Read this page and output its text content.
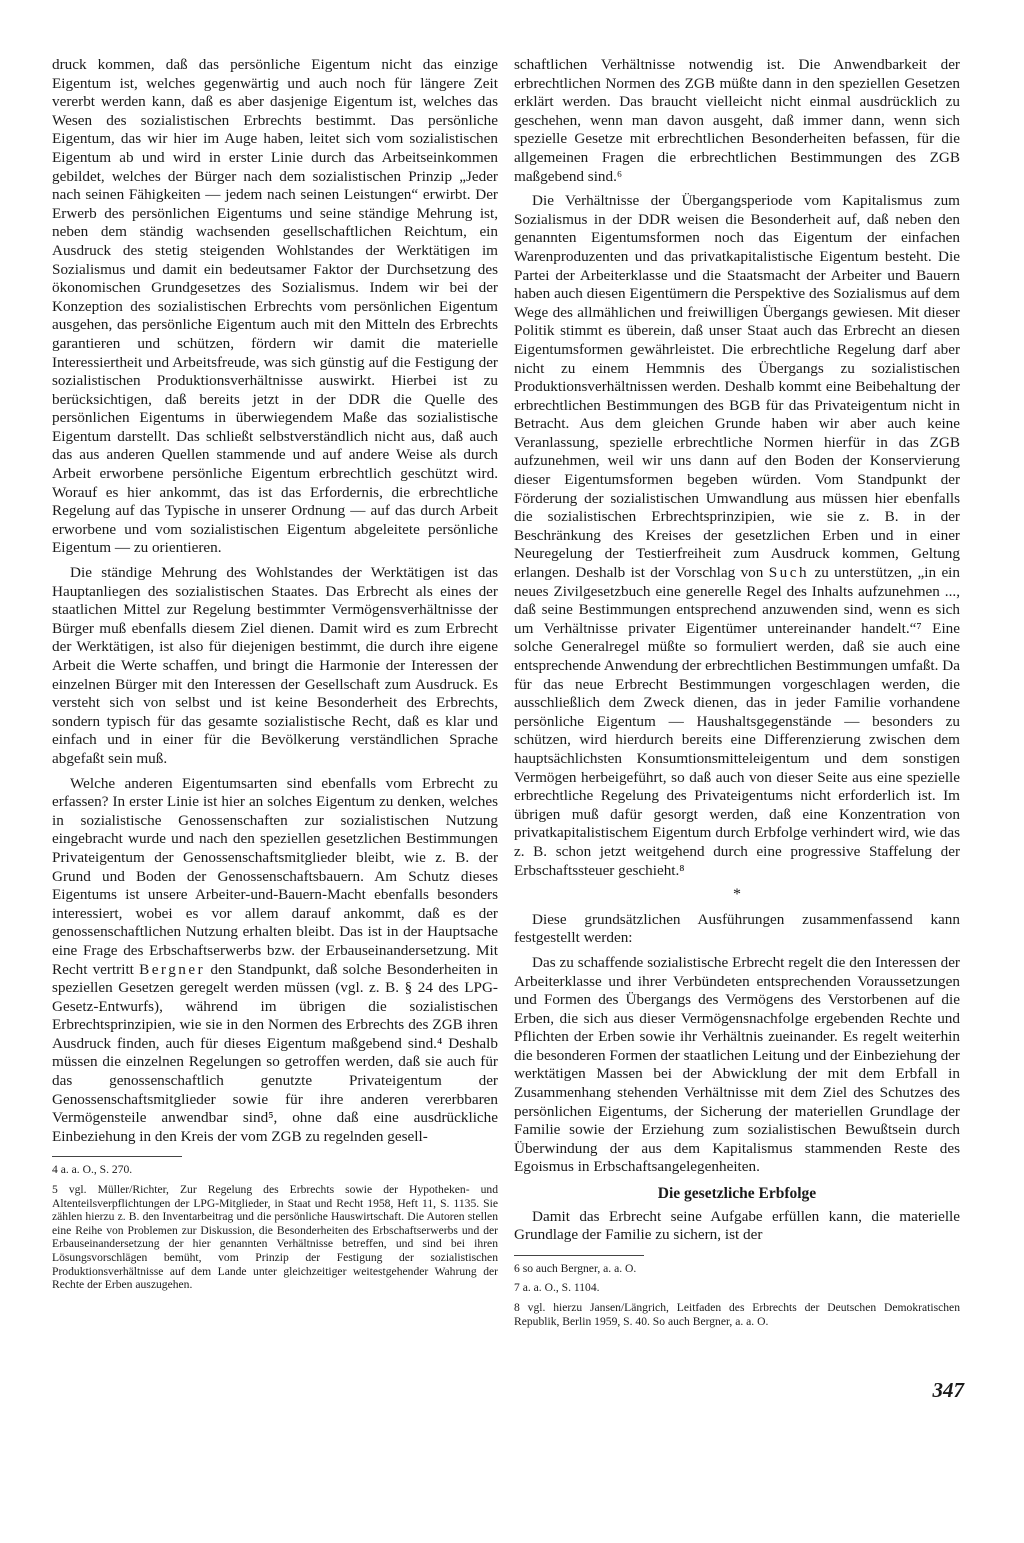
druck kommen, daß das persönliche Eigentum nicht das einzige Eigentum ist, welches gegenwärtig und auch noch für längere Zeit vererbt werden kann, daß es aber dasjenige Eigentum ist, welches das Wesen des sozialistischen Erbrechts bestimmt. Das persönliche Eigentum, das wir hier im Auge haben, leitet sich vom sozialistischen Eigentum ab und wird in erster Linie durch das Arbeitseinkommen gebildet, welches der Bürger nach dem sozialistischen Prinzip „Jeder nach seinen Fähigkeiten — jedem nach seinen Leistungen“ erwirbt. Der Erwerb des persönlichen Eigentums und seine ständige Mehrung ist, neben dem ständig wachsenden gesellschaftlichen Reichtum, ein Ausdruck des stetig steigenden Wohlstandes der Werktätigen im Sozialismus und damit ein bedeutsamer Faktor der Durchsetzung des ökonomischen Grundgesetzes des Sozialismus. Indem wir bei der Konzeption des sozialistischen Erbrechts vom persönlichen Eigentum ausgehen, das persönliche Eigentum auch mit den Mitteln des Erbrechts garantieren und schützen, fördern wir damit die materielle Interessiertheit und Arbeitsfreude, was sich günstig auf die Festigung der sozialistischen Produktionsverhältnisse auswirkt. Hierbei ist zu berücksichtigen, daß bereits jetzt in der DDR die Quelle des persönlichen Eigentums in überwiegendem Maße das sozialistische Eigentum darstellt. Das schließt selbstverständlich nicht aus, daß auch das aus anderen Quellen stammende und auf andere Weise als durch Arbeit erworbene persönliche Eigentum erbrechtlich geschützt wird. Worauf es hier ankommt, das ist das Erfordernis, die erbrechtliche Regelung auf das Typische in unserer Ordnung — auf das durch Arbeit erworbene und vom sozialistischen Eigentum abgeleitete persönliche Eigentum — zu orientieren.

Die ständige Mehrung des Wohlstandes der Werktätigen ist das Hauptanliegen des sozialistischen Staates. Das Erbrecht als eines der staatlichen Mittel zur Regelung bestimmter Vermögensverhältnisse der Bürger muß ebenfalls diesem Ziel dienen. Damit wird es zum Erbrecht der Werktätigen, ist also für diejenigen bestimmt, die durch ihre eigene Arbeit die Werte schaffen, und bringt die Harmonie der Interessen der einzelnen Bürger mit den Interessen der Gesellschaft zum Ausdruck. Es versteht sich von selbst und ist keine Besonderheit des Erbrechts, sondern typisch für das gesamte sozialistische Recht, daß es klar und einfach und in einer für die Bevölkerung verständlichen Sprache abgefaßt sein muß.

Welche anderen Eigentumsarten sind ebenfalls vom Erbrecht zu erfassen? In erster Linie ist hier an solches Eigentum zu denken, welches in sozialistische Genossenschaften zur sozialistischen Nutzung eingebracht wurde und nach den speziellen gesetzlichen Bestimmungen Privateigentum der Genossenschaftsmitglieder bleibt, wie z. B. der Grund und Boden der Genossenschaftsbauern. Am Schutz dieses Eigentums ist unsere Arbeiter-und-Bauern-Macht ebenfalls besonders interessiert, wobei es vor allem darauf ankommt, daß es der genossenschaftlichen Nutzung erhalten bleibt. Das ist in der Hauptsache eine Frage des Erbschaftserwerbs bzw. der Erbauseinandersetzung. Mit Recht vertritt Bergner den Standpunkt, daß solche Besonderheiten in speziellen Gesetzen geregelt werden müssen (vgl. z. B. § 24 des LPG-Gesetz-Entwurfs), während im übrigen die sozialistischen Erbrechtsprinzipien, wie sie in den Normen des Erbrechts des ZGB ihren Ausdruck finden, auch für dieses Eigentum maßgebend sind.⁴ Deshalb müssen die einzelnen Regelungen so getroffen werden, daß sie auch für das genossenschaftlich genutzte Privateigentum der Genossenschaftsmitglieder sowie für ihre anderen vererbbaren Vermögensteile anwendbar sind⁵, ohne daß eine ausdrückliche Einbeziehung in den Kreis der vom ZGB zu regelnden gesell-

4 a. a. O., S. 270.

5 vgl. Müller/Richter, Zur Regelung des Erbrechts sowie der Hypotheken- und Altenteilsverpflichtungen der LPG-Mitglieder, in Staat und Recht 1958, Heft 11, S. 1135. Sie zählen hierzu z. B. den Inventarbeitrag und die persönliche Hauswirtschaft. Die Autoren stellen eine Reihe von Problemen zur Diskussion, die Besonderheiten des Erbschaftserwerbs und der Erbauseinandersetzung der hier genannten Verhältnisse betreffen, und sind bei ihren Lösungsvorschlägen bemüht, vom Prinzip der Festigung der sozialistischen Produktionsverhältnisse auf dem Lande unter gleichzeitiger weitestgehender Wahrung der Rechte der Erben auszugehen.

schaftlichen Verhältnisse notwendig ist. Die Anwendbarkeit der erbrechtlichen Normen des ZGB müßte dann in den speziellen Gesetzen erklärt werden. Das braucht vielleicht nicht einmal ausdrücklich zu geschehen, wenn man davon ausgeht, daß immer dann, wenn sich spezielle Gesetze mit erbrechtlichen Besonderheiten befassen, für die allgemeinen Fragen die erbrechtlichen Bestimmungen des ZGB maßgebend sind.⁶

Die Verhältnisse der Übergangsperiode vom Kapitalismus zum Sozialismus in der DDR weisen die Besonderheit auf, daß neben den genannten Eigentumsformen noch das Eigentum der einfachen Warenproduzenten und das privatkapitalistische Eigentum besteht. Die Partei der Arbeiterklasse und die Staatsmacht der Arbeiter und Bauern haben auch diesen Eigentümern die Perspektive des Sozialismus auf dem Wege des allmählichen und freiwilligen Übergangs gewiesen. Mit dieser Politik stimmt es überein, daß unser Staat auch das Erbrecht an diesen Eigentumsformen gewährleistet. Die erbrechtliche Regelung darf aber nicht zu einem Hemmnis des Übergangs zu sozialistischen Produktionsverhältnissen werden. Deshalb kommt eine Beibehaltung der erbrechtlichen Bestimmungen des BGB für das Privateigentum nicht in Betracht. Aus dem gleichen Grunde haben wir aber auch keine Veranlassung, spezielle erbrechtliche Normen hierfür in das ZGB aufzunehmen, weil wir uns dann auf den Boden der Konservierung dieser Eigentumsformen begeben würden. Vom Standpunkt der Förderung der sozialistischen Umwandlung aus müssen hier ebenfalls die sozialistischen Erbrechtsprinzipien, wie sie z. B. in der Beschränkung des Kreises der gesetzlichen Erben und in einer Neuregelung der Testierfreiheit zum Ausdruck kommen, Geltung erlangen. Deshalb ist der Vorschlag von Such zu unterstützen, „in ein neues Zivilgesetzbuch eine generelle Regel des Inhalts aufzunehmen ..., daß seine Bestimmungen entsprechend anzuwenden sind, wenn es sich um Verhältnisse privater Eigentümer untereinander handelt.“⁷ Eine solche Generalregel müßte so formuliert werden, daß sie auch eine entsprechende Anwendung der erbrechtlichen Bestimmungen umfaßt. Da für das neue Erbrecht Bestimmungen vorgeschlagen werden, die ausschließlich dem Zweck dienen, das in jeder Familie vorhandene persönliche Eigentum — Haushaltsgegenstände — besonders zu schützen, wird hierdurch bereits eine Differenzierung zwischen dem hauptsächlichsten Konsumtionsmitteleigentum und dem sonstigen Vermögen herbeigeführt, so daß auch von dieser Seite aus eine spezielle erbrechtliche Regelung des Privateigentums nicht erforderlich ist. Im übrigen muß dafür gesorgt werden, daß eine Konzentration von privatkapitalistischem Eigentum durch Erbfolge verhindert wird, wie das z. B. schon jetzt weitgehend durch eine progressive Staffelung der Erbschaftssteuer geschieht.⁸

*

Diese grundsätzlichen Ausführungen zusammenfassend kann festgestellt werden:

Das zu schaffende sozialistische Erbrecht regelt die den Interessen der Arbeiterklasse und ihrer Verbündeten entsprechenden Voraussetzungen und Formen des Übergangs des Vermögens des Verstorbenen auf die Erben, die sich aus dieser Vermögensnachfolge ergebenden Rechte und Pflichten der Erben sowie ihr Verhältnis zueinander. Es regelt weiterhin die besonderen Formen der staatlichen Leitung und der Einbeziehung der werktätigen Massen bei der Abwicklung der mit dem Erbfall in Zusammenhang stehenden Verhältnisse mit dem Ziel des Schutzes des persönlichen Eigentums, der Sicherung der materiellen Grundlage der Familie sowie der Erziehung zum sozialistischen Bewußtsein durch Überwindung der aus dem Kapitalismus stammenden Reste des Egoismus in Erbschaftsangelegenheiten.

Die gesetzliche Erbfolge

Damit das Erbrecht seine Aufgabe erfüllen kann, die materielle Grundlage der Familie zu sichern, ist der

6 so auch Bergner, a. a. O.

7 a. a. O., S. 1104.

8 vgl. hierzu Jansen/Längrich, Leitfaden des Erbrechts der Deutschen Demokratischen Republik, Berlin 1959, S. 40. So auch Bergner, a. a. O.

347
